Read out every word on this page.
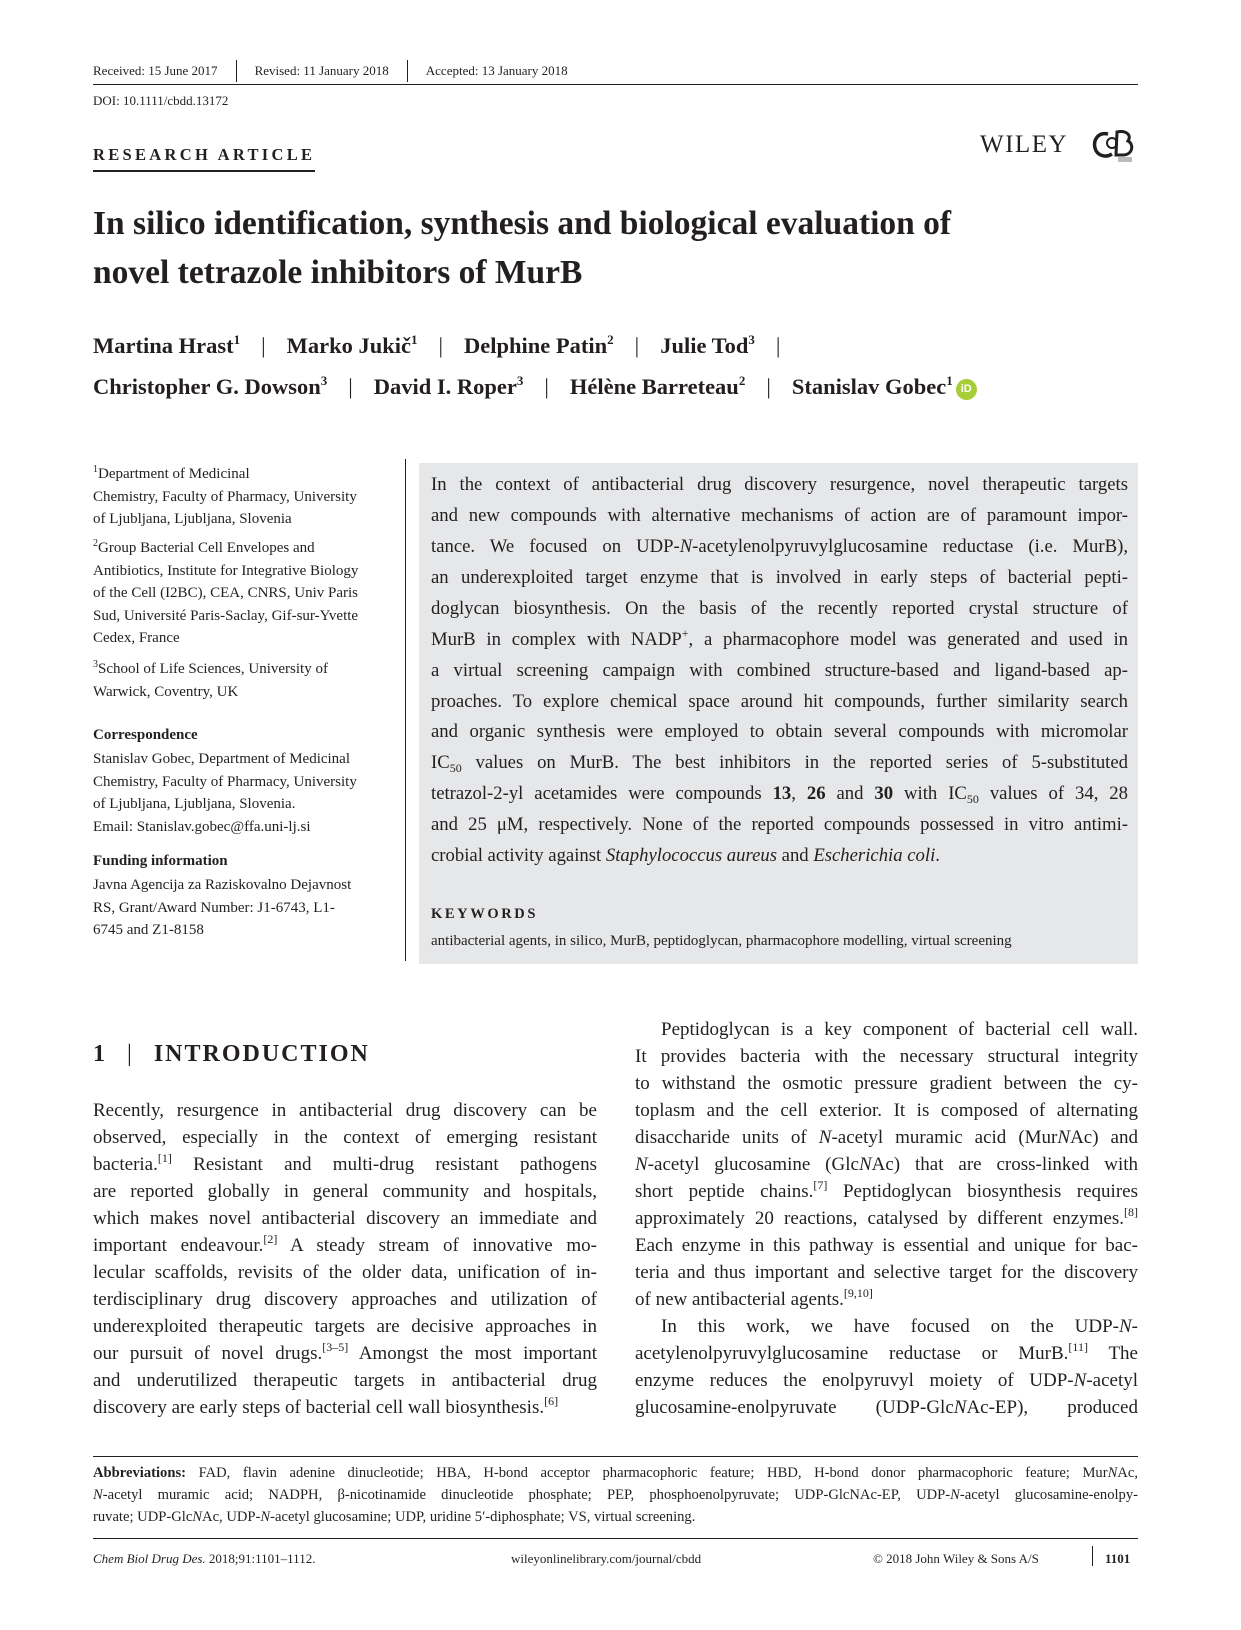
Received: 15 June 2017	Revised: 11 January 2018	Accepted: 13 January 2018
DOI: 10.1111/cbdd.13172
RESEARCH ARTICLE	WILEY
In silico identification, synthesis and biological evaluation of
novel tetrazole inhibitors of MurB
Martina Hrast$^1$ | Marko Jukič$^1$ | Delphine Patin$^2$ | Julie Tod$^3$ |
Christopher G. Dowson$^3$ | David I. Roper$^3$ | Hélène Barreteau$^2$ | Stanislav Gobec$^1$iD
$^1$Department of Medicinal
Chemistry, Faculty of Pharmacy, University
of Ljubljana, Ljubljana, Slovenia
$^2$Group Bacterial Cell Envelopes and
Antibiotics, Institute for Integrative Biology
of the Cell (I2BC), CEA, CNRS, Univ Paris
Sud, Université Paris-Saclay, Gif-sur-Yvette
Cedex, France
$^3$School of Life Sciences, University of
Warwick, Coventry, UK
Correspondence
Stanislav Gobec, Department of Medicinal
Chemistry, Faculty of Pharmacy, University
of Ljubljana, Ljubljana, Slovenia.
Email: Stanislav.gobec@ffa.uni-lj.si
Funding information
Javna Agencija za Raziskovalno Dejavnost
RS, Grant/Award Number: J1-6743, L1-
6745 and Z1-8158
In the context of antibacterial drug discovery resurgence, novel therapeutic targets
and new compounds with alternative mechanisms of action are of paramount impor-
tance. We focused on UDP-N-acetylenolpyruvylglucosamine reductase (i.e. MurB),
an underexploited target enzyme that is involved in early steps of bacterial pepti-
doglycan biosynthesis. On the basis of the recently reported crystal structure of
MurB in complex with NADP+, a pharmacophore model was generated and used in
a virtual screening campaign with combined structure-based and ligand-based ap-
proaches. To explore chemical space around hit compounds, further similarity search
and organic synthesis were employed to obtain several compounds with micromolar
$IC_{50}$ values on MurB. The best inhibitors in the reported series of 5-substituted
tetrazol-2-yl acetamides were compounds 13, 26 and 30 with $IC_{50}$ values of 34, 28
and 25 μM, respectively. None of the reported compounds possessed in vitro antimi-
crobial activity against Staphylococcus aureus and Escherichia coli.
KEYWORDS
antibacterial agents, in silico, MurB, peptidoglycan, pharmacophore modelling, virtual screening
1 | INTRODUCTION
Recently, resurgence in antibacterial drug discovery can be
observed, especially in the context of emerging resistant
bacteria.[1] Resistant and multi-drug resistant pathogens
are reported globally in general community and hospitals,
which makes novel antibacterial discovery an immediate and
important endeavour.[2] A steady stream of innovative mo-
lecular scaffolds, revisits of the older data, unification of in-
terdisciplinary drug discovery approaches and utilization of
underexploited therapeutic targets are decisive approaches in
our pursuit of novel drugs.[3–5] Amongst the most important
and underutilized therapeutic targets in antibacterial drug
discovery are early steps of bacterial cell wall biosynthesis.[6]
Peptidoglycan is a key component of bacterial cell wall.
It provides bacteria with the necessary structural integrity
to withstand the osmotic pressure gradient between the cy-
toplasm and the cell exterior. It is composed of alternating
disaccharide units of N-acetyl muramic acid (MurNAc) and
N-acetyl glucosamine (GlcNAc) that are cross-linked with
short peptide chains.[7] Peptidoglycan biosynthesis requires
approximately 20 reactions, catalysed by different enzymes.[8]
Each enzyme in this pathway is essential and unique for bac-
teria and thus important and selective target for the discovery
of new antibacterial agents.[9,10]
In this work, we have focused on the UDP-N-
acetylenolpyruvylglucosamine reductase or MurB.[11] The
enzyme reduces the enolpyruvyl moiety of UDP-N-acetyl
glucosamine-enolpyruvate (UDP-GlcNAc-EP), produced
Abbreviations: FAD, flavin adenine dinucleotide; HBA, H-bond acceptor pharmacophoric feature; HBD, H-bond donor pharmacophoric feature; MurNAc,
N-acetyl muramic acid; NADPH, β-nicotinamide dinucleotide phosphate; PEP, phosphoenolpyruvate; UDP-GlcNAc-EP, UDP-N-acetyl glucosamine-enolpy-
ruvate; UDP-GlcNAc, UDP-N-acetyl glucosamine; UDP, uridine 5′-diphosphate; VS, virtual screening.
Chem Biol Drug Des. 2018;91:1101–1112.	wileyonlinelibrary.com/journal/cbdd	© 2018 John Wiley & Sons A/S	1101
